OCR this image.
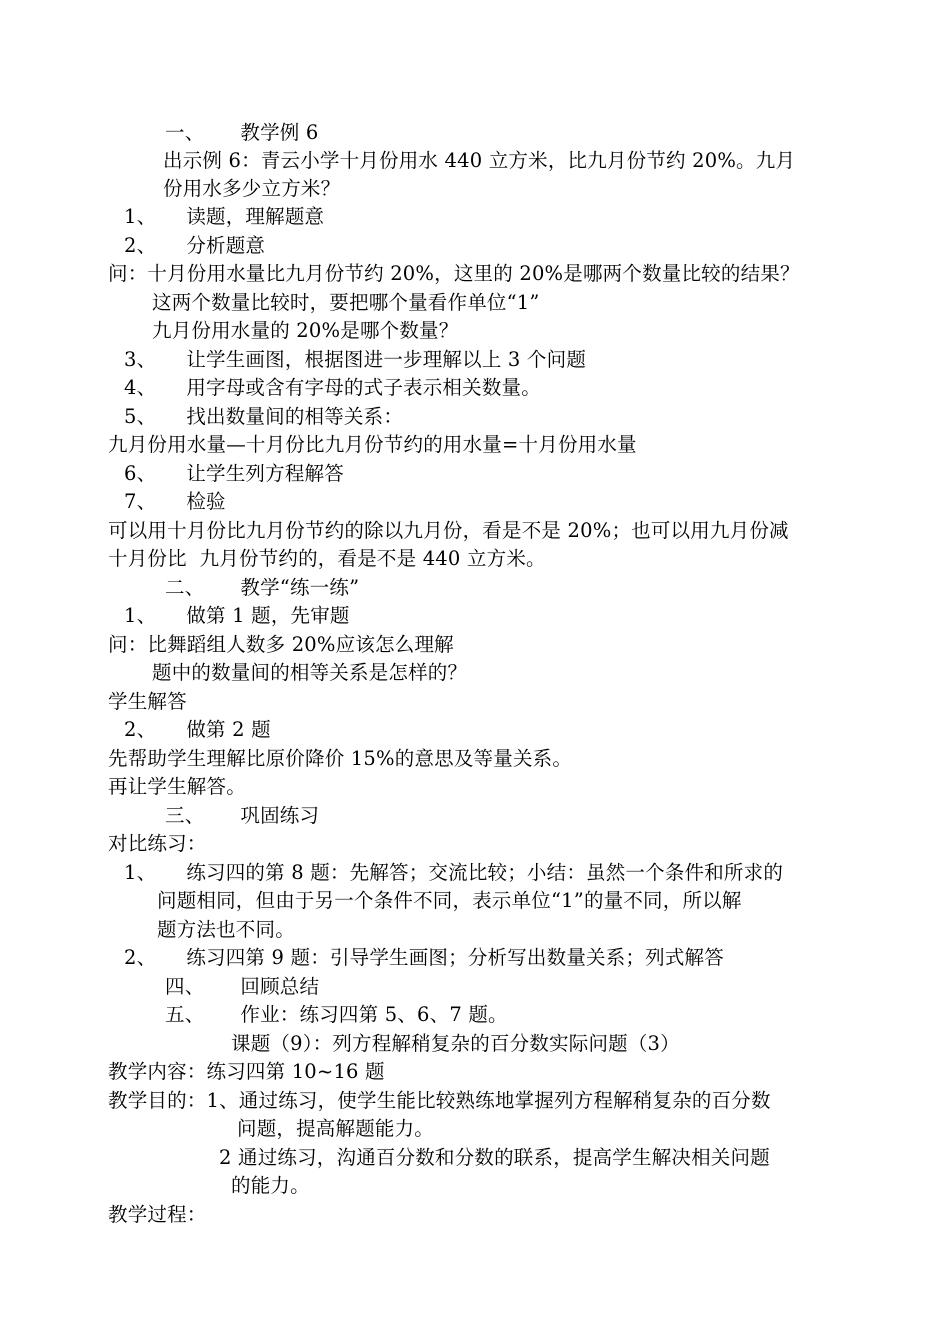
一、 教学例 6
出示例 6：青云小学十月份用水 440 立方米，比九月份节约 20%。九月
份用水多少立方米？
1、 读题，理解题意
2、 分析题意
问：十月份用水量比九月份节约 20%，这里的 20%是哪两个数量比较的结果？
这两个数量比较时，要把哪个量看作单位“1”
九月份用水量的 20%是哪个数量？
3、 让学生画图，根据图进一步理解以上 3 个问题
4、 用字母或含有字母的式子表示相关数量。
5、 找出数量间的相等关系：
九月份用水量—十月份比九月份节约的用水量=十月份用水量
6、 让学生列方程解答
7、 检验
可以用十月份比九月份节约的除以九月份，看是不是 20%；也可以用九月份减
十月份比  九月份节约的，看是不是 440 立方米。
二、 教学“练一练”
1、 做第 1 题，先审题
问：比舞蹈组人数多 20%应该怎么理解
题中的数量间的相等关系是怎样的？
学生解答
2、 做第 2 题
先帮助学生理解比原价降价 15%的意思及等量关系。
再让学生解答。
三、 巩固练习
对比练习：
1、 练习四的第 8 题：先解答；交流比较；小结：虽然一个条件和所求的
问题相同，但由于另一个条件不同，表示单位“1”的量不同，所以解
题方法也不同。
2、 练习四第 9 题：引导学生画图；分析写出数量关系；列式解答
四、 回顾总结
五、 作业：练习四第 5、6、7 题。
课题（9）：列方程解稍复杂的百分数实际问题（3）
教学内容：练习四第 10~16 题
教学目的：1、通过练习，使学生能比较熟练地掌握列方程解稍复杂的百分数
问题，提高解题能力。
2 通过练习，沟通百分数和分数的联系，提高学生解决相关问题
的能力。
教学过程：
